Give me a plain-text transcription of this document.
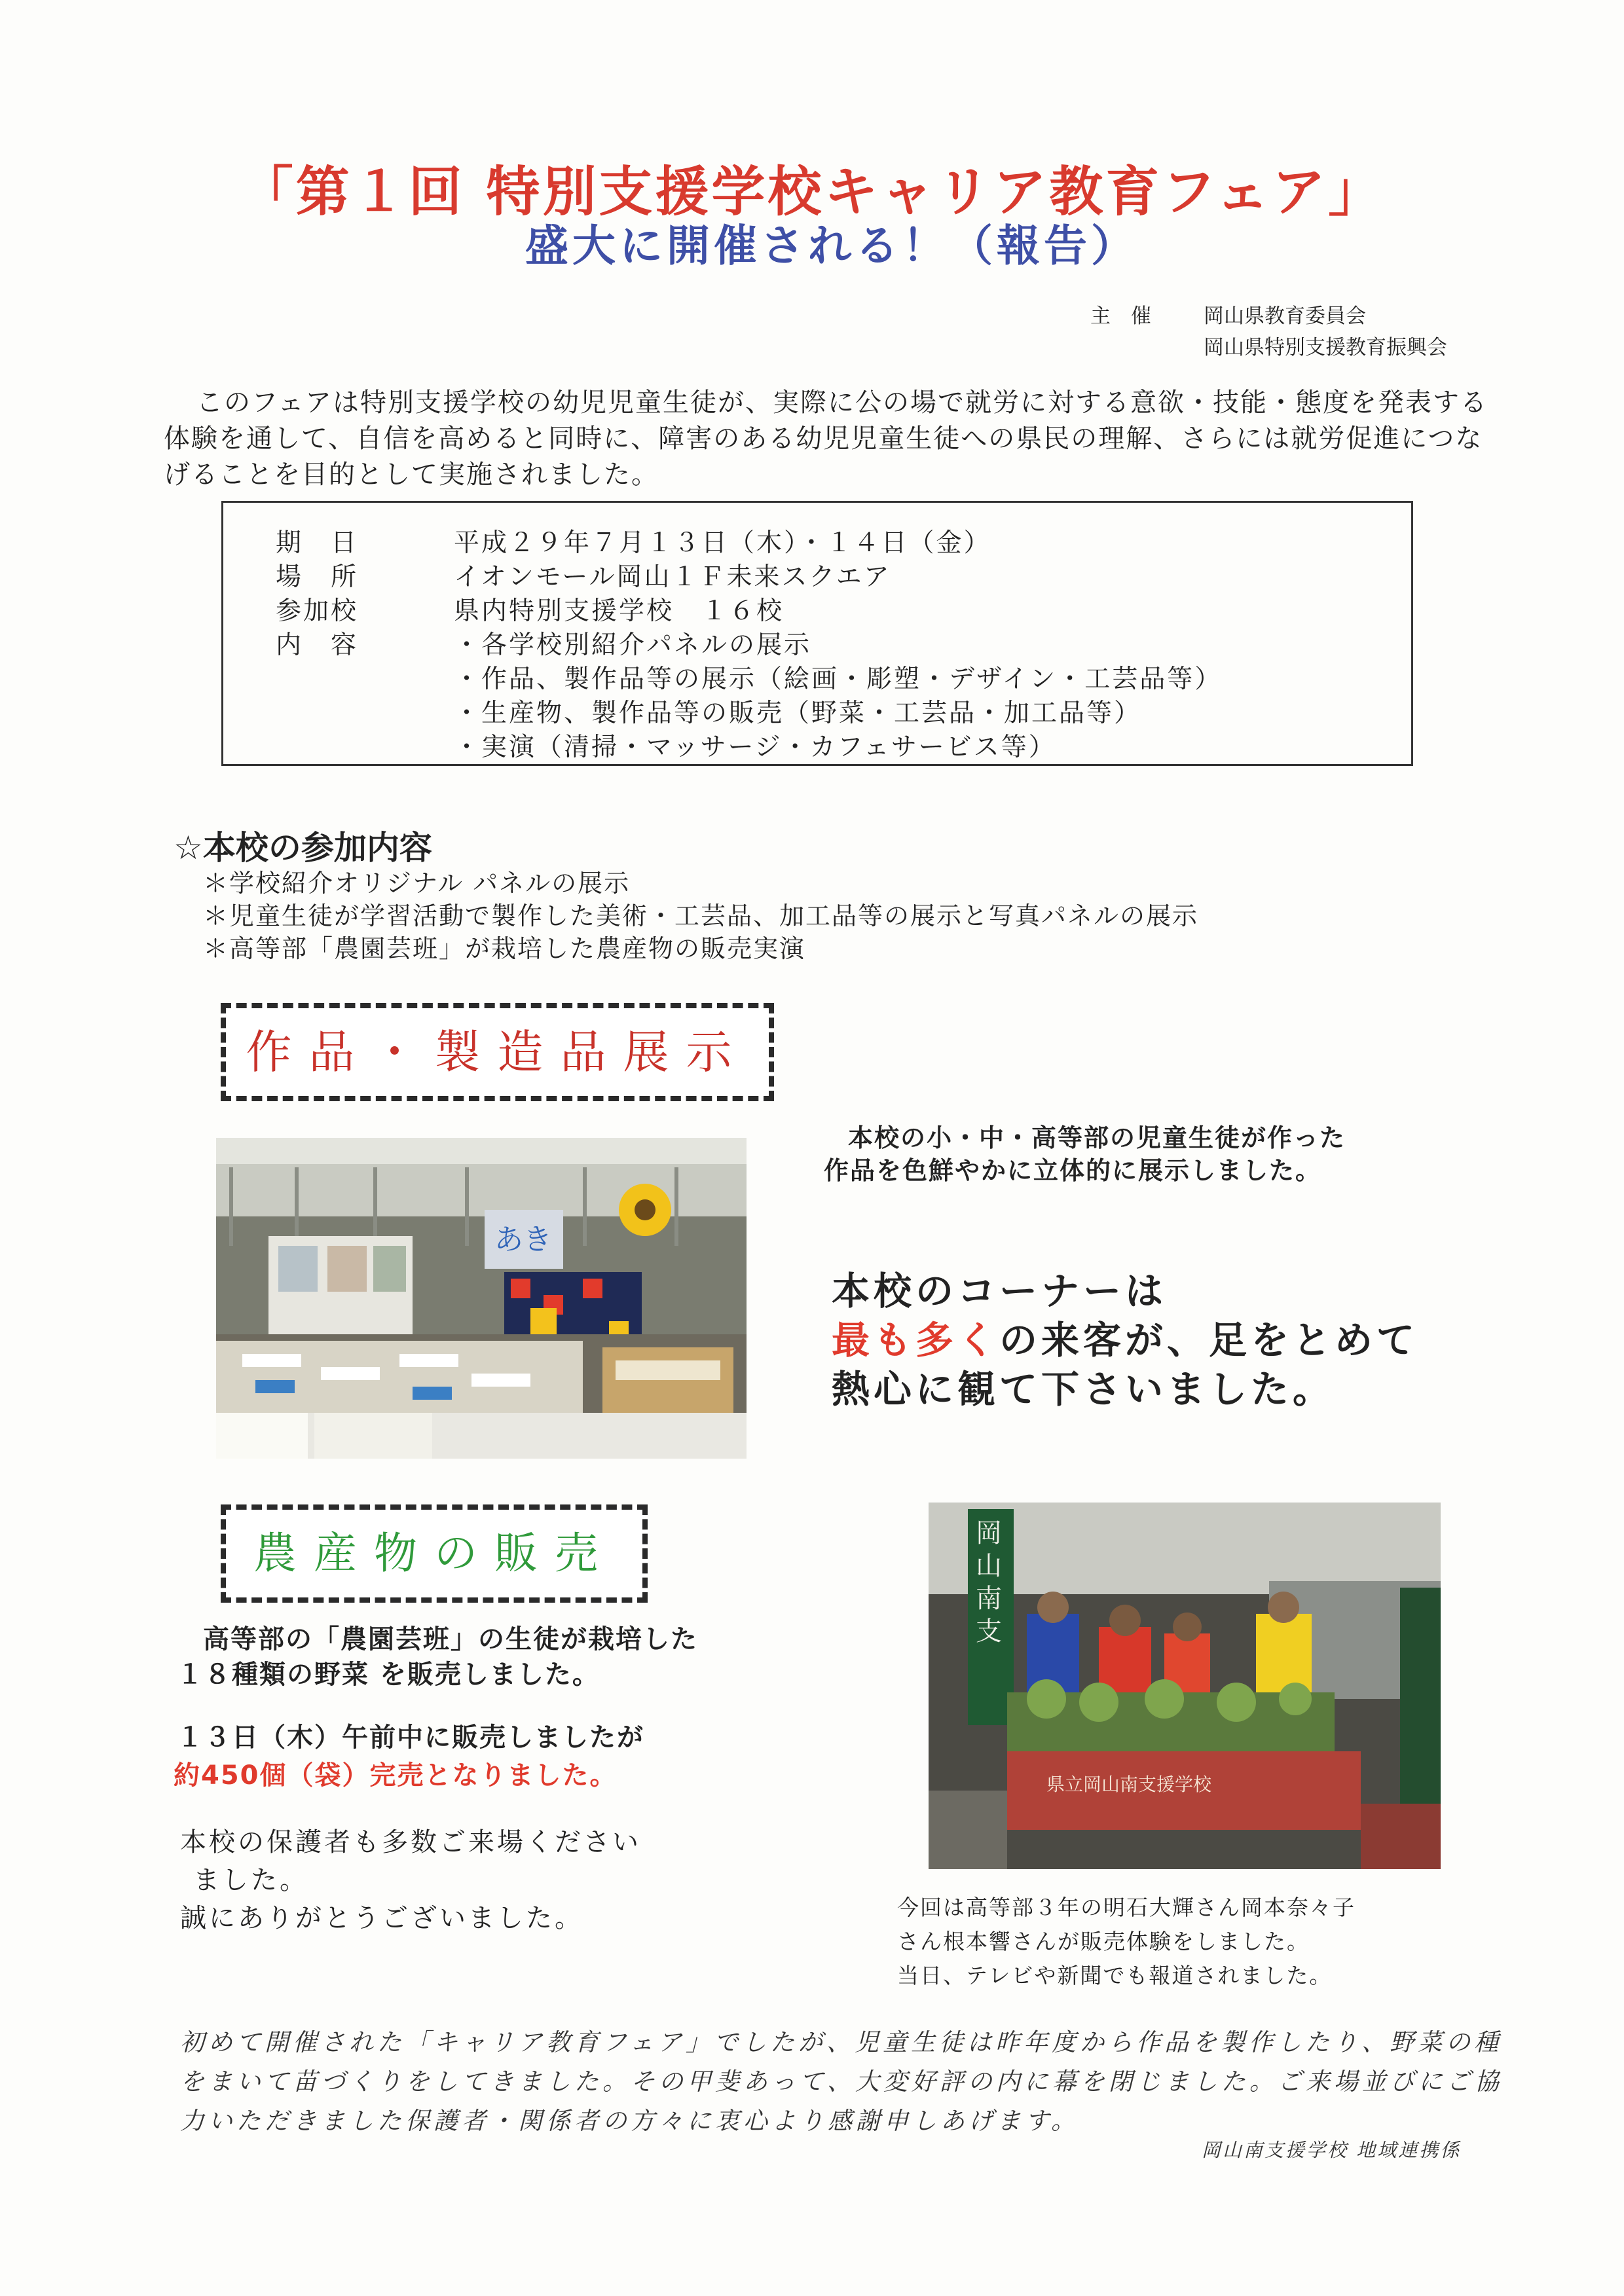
「第１回 特別支援学校キャリア教育フェア」
盛大に開催される！（報告）
主　催	岡山県教育委員会
岡山県特別支援教育振興会
このフェアは特別支援学校の幼児児童生徒が、実際に公の場で就労に対する意欲・技能・態度を発表する体験を通して、自信を高めると同時に、障害のある幼児児童生徒への県民の理解、さらには就労促進につなげることを目的として実施されました。
期　日	平成２９年７月１３日（木）・１４日（金）
場　所	イオンモール岡山１Ｆ未来スクエア
参加校	県内特別支援学校　１６校
内　容	・各学校別紹介パネルの展示
・作品、製作品等の展示（絵画・彫塑・デザイン・工芸品等）
・生産物、製作品等の販売（野菜・工芸品・加工品等）
・実演（清掃・マッサージ・カフェサービス等）
☆本校の参加内容
＊学校紹介オリジナル パネルの展示
＊児童生徒が学習活動で製作した美術・工芸品、加工品等の展示と写真パネルの展示
＊高等部「農園芸班」が栽培した農産物の販売実演
作品・製造品展示
あき
本校の小・中・高等部の児童生徒が作った
作品を色鮮やかに立体的に展示しました。
本校のコーナーは
最も多くの来客が、足をとめて
熱心に観て下さいました。
農産物の販売
高等部の「農園芸班」の生徒が栽培した
１８種類の野菜 を販売しました。
１３日（木）午前中に販売しましたが
約450個（袋）完売となりました。
本校の保護者も多数ご来場ください
ました。
誠にありがとうございました。
岡
山
南
支
県立岡山南支援学校
今回は高等部３年の明石大輝さん岡本奈々子
さん根本響さんが販売体験をしました。
当日、テレビや新聞でも報道されました。
初めて開催された「キャリア教育フェア」でしたが、児童生徒は昨年度から作品を製作したり、野菜の種をまいて苗づくりをしてきました。その甲斐あって、大変好評の内に幕を閉じました。ご来場並びにご協力いただきました保護者・関係者の方々に衷心より感謝申しあげます。
岡山南支援学校 地域連携係
